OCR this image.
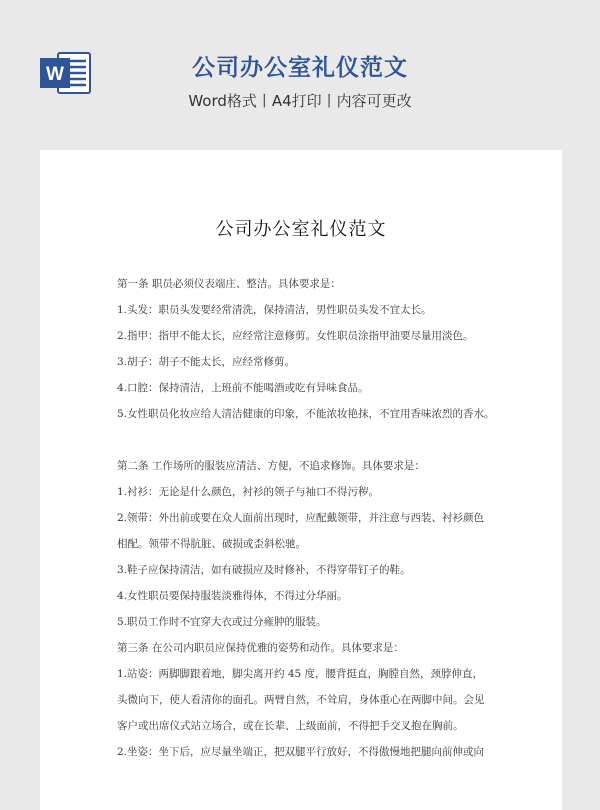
W	公司办公室礼仪范文
Word格式丨A4打印丨内容可更改
公司办公室礼仪范文

第一条 职员必须仪表端庄、整洁。具体要求是：

1.头发：职员头发要经常清洗，保持清洁，男性职员头发不宜太长。

2.指甲：指甲不能太长，应经常注意修剪。女性职员涂指甲油要尽量用淡色。

3.胡子：胡子不能太长，应经常修剪。

4.口腔：保持清洁，上班前不能喝酒或吃有异味食品。

5.女性职员化妆应给人清洁健康的印象，不能浓妆艳抹，不宜用香味浓烈的香水。

第二条 工作场所的服装应清洁、方便，不追求修饰。具体要求是：

1.衬衫：无论是什么颜色，衬衫的领子与袖口不得污秽。

2.领带：外出前或要在众人面前出现时，应配戴领带，并注意与西装、衬衫颜色

相配。领带不得肮脏、破损或歪斜松驰。

3.鞋子应保持清洁，如有破损应及时修补，不得穿带钉子的鞋。

4.女性职员要保持服装淡雅得体，不得过分华丽。

5.职员工作时不宜穿大衣或过分雍肿的服装。

第三条 在公司内职员应保持优雅的姿势和动作。具体要求是：

1.站姿：两脚脚跟着地，脚尖离开约 45 度，腰背挺直，胸膛自然，颈脖伸直，

头微向下，使人看清你的面孔。两臂自然，不耸肩，身体重心在两脚中间。会见

客户或出席仪式站立场合，或在长辈、上级面前，不得把手交叉抱在胸前。

2.坐姿：坐下后，应尽量坐端正，把双腿平行放好，不得傲慢地把腿向前伸或向
